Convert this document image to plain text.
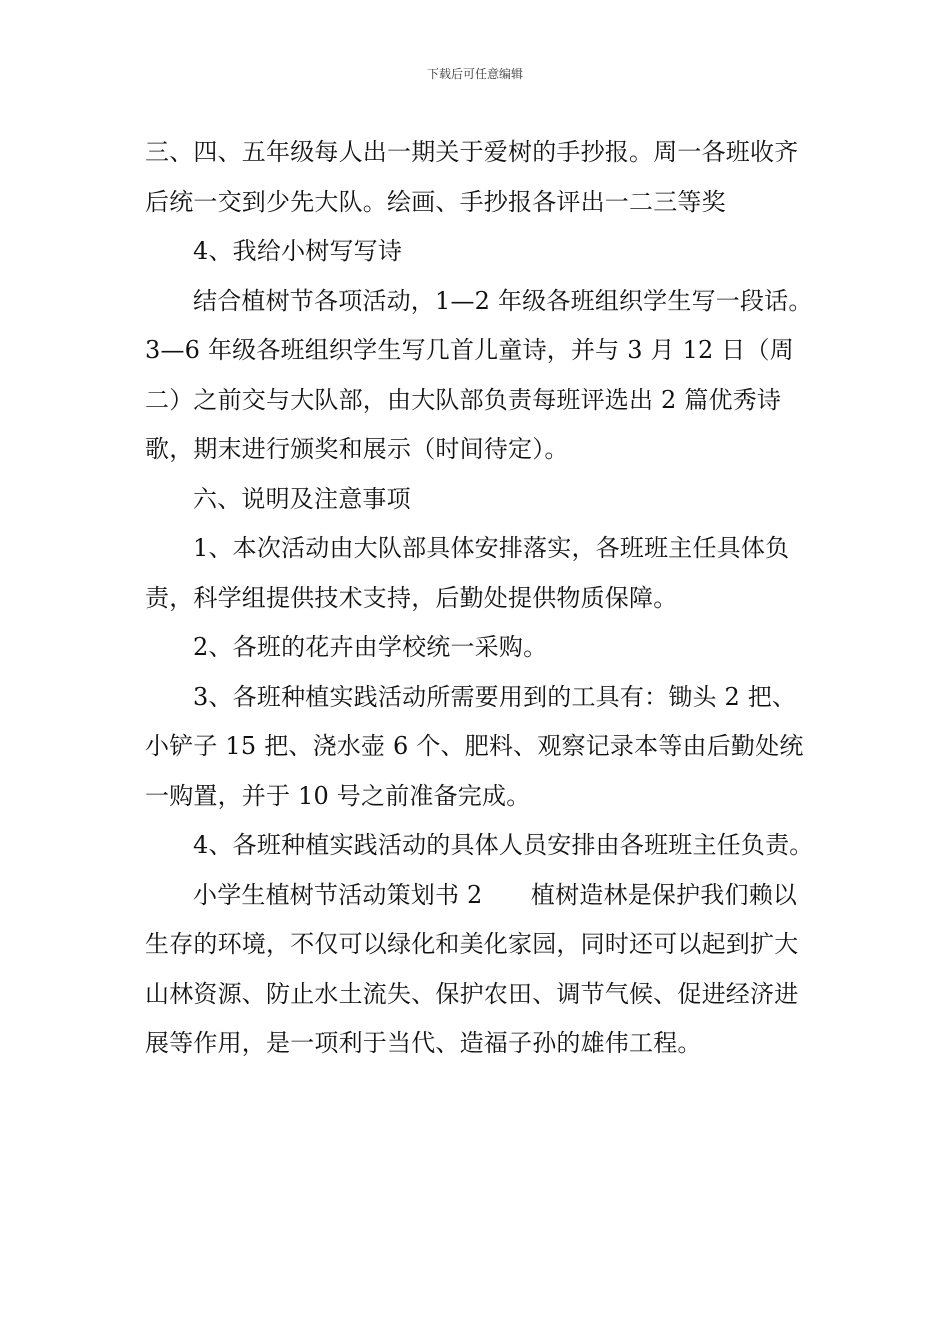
下载后可任意编辑

三、四、五年级每人出一期关于爱树的手抄报。周一各班收齐后统一交到少先大队。绘画、手抄报各评出一二三等奖

4、我给小树写写诗

结合植树节各项活动，1—2 年级各班组织学生写一段话。3—6 年级各班组织学生写几首儿童诗，并与 3 月 12 日（周二）之前交与大队部，由大队部负责每班评选出 2 篇优秀诗歌，期末进行颁奖和展示（时间待定）。

六、说明及注意事项

1、本次活动由大队部具体安排落实，各班班主任具体负责，科学组提供技术支持，后勤处提供物质保障。

2、各班的花卉由学校统一采购。

3、各班种植实践活动所需要用到的工具有：锄头 2 把、小铲子 15 把、浇水壶 6 个、肥料、观察记录本等由后勤处统一购置，并于 10 号之前准备完成。

4、各班种植实践活动的具体人员安排由各班班主任负责。

小学生植树节活动策划书 2　　植树造林是保护我们赖以生存的环境，不仅可以绿化和美化家园，同时还可以起到扩大山林资源、防止水土流失、保护农田、调节气候、促进经济进展等作用，是一项利于当代、造福子孙的雄伟工程。
